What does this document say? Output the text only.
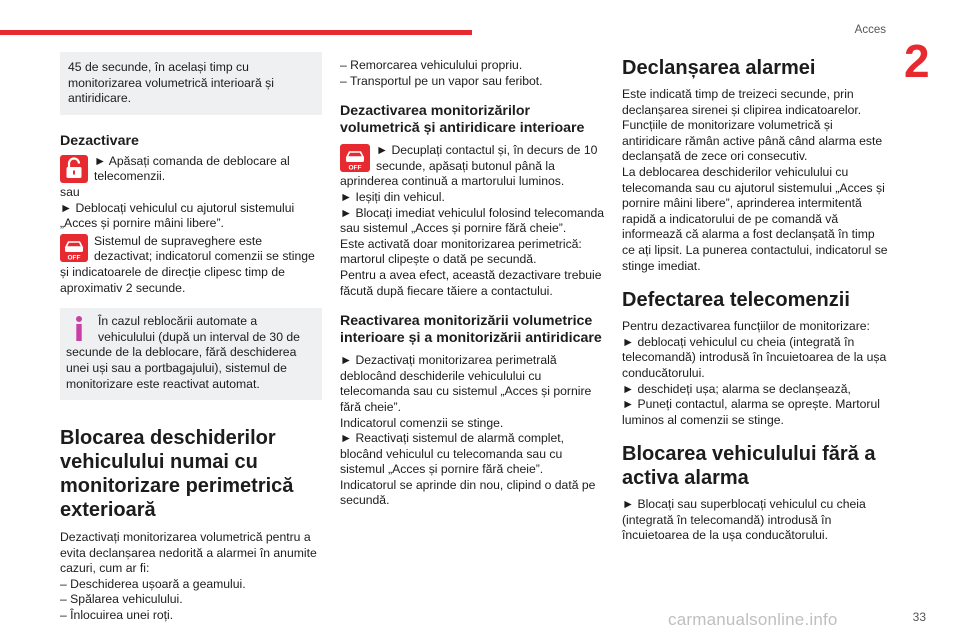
Acces
2

45 de secunde, în același timp cu monitorizarea volumetrică interioară și antiridicare.

Dezactivare

► Apăsați comanda de deblocare al telecomenzii.

sau

► Deblocați vehiculul cu ajutorul sistemului „Acces și pornire mâini libere”.

OFF

Sistemul de supraveghere este dezactivat; indicatorul comenzii se stinge și indicatoarele de direcție clipesc timp de aproximativ 2 secunde.

În cazul reblocării automate a vehiculului (după un interval de 30 de secunde de la deblocare, fără deschiderea unei uși sau a portbagajului), sistemul de monitorizare este reactivat automat.

Blocarea deschiderilor vehiculului numai cu monitorizare perimetrică exterioară

Dezactivați monitorizarea volumetrică pentru a evita declanșarea nedorită a alarmei în anumite cazuri, cum ar fi:

– Deschiderea ușoară a geamului.

– Spălarea vehiculului.

– Înlocuirea unei roți.

– Remorcarea vehiculului propriu.

– Transportul pe un vapor sau feribot.

Dezactivarea monitorizărilor volumetrică și antiridicare interioare
OFF

► Decuplați contactul și, în decurs de 10 secunde, apăsați butonul până la aprinderea continuă a martorului luminos.

► Ieșiți din vehicul.

► Blocați imediat vehiculul folosind telecomanda sau sistemul „Acces și pornire fără cheie”.

Este activată doar monitorizarea perimetrică: martorul clipește o dată pe secundă.

Pentru a avea efect, această dezactivare trebuie făcută după fiecare tăiere a contactului.

Reactivarea monitorizării volumetrice interioare și a monitorizării antiridicare

► Dezactivați monitorizarea perimetrală deblocând deschiderile vehiculului cu telecomanda sau cu sistemul „Acces și pornire fără cheie”.

Indicatorul comenzii se stinge.

► Reactivați sistemul de alarmă complet, blocând vehiculul cu telecomanda sau cu sistemul „Acces și pornire fără cheie”.

Indicatorul se aprinde din nou, clipind o dată pe secundă.

Declanșarea alarmei

Este indicată timp de treizeci secunde, prin declanșarea sirenei și clipirea indicatoarelor.

Funcțiile de monitorizare volumetrică și antiridicare rămân active până când alarma este declanșată de zece ori consecutiv.

La deblocarea deschiderilor vehiculului cu telecomanda sau cu ajutorul sistemului „Acces și pornire mâini libere”, aprinderea intermitentă rapidă a indicatorului de pe comandă vă informează că alarma a fost declanșată în timp ce ați lipsit. La punerea contactului, indicatorul se stinge imediat.

Defectarea telecomenzii

Pentru dezactivarea funcțiilor de monitorizare:

► deblocați vehiculul cu cheia (integrată în telecomandă) introdusă în încuietoarea de la ușa conducătorului.

► deschideți ușa; alarma se declanșează,

► Puneți contactul, alarma se oprește. Martorul luminos al comenzii se stinge.

Blocarea vehiculului fără a activa alarma

► Blocați sau superblocați vehiculul cu cheia (integrată în telecomandă) introdusă în încuietoarea de la ușa conducătorului.

carmanualsonline.info	33
